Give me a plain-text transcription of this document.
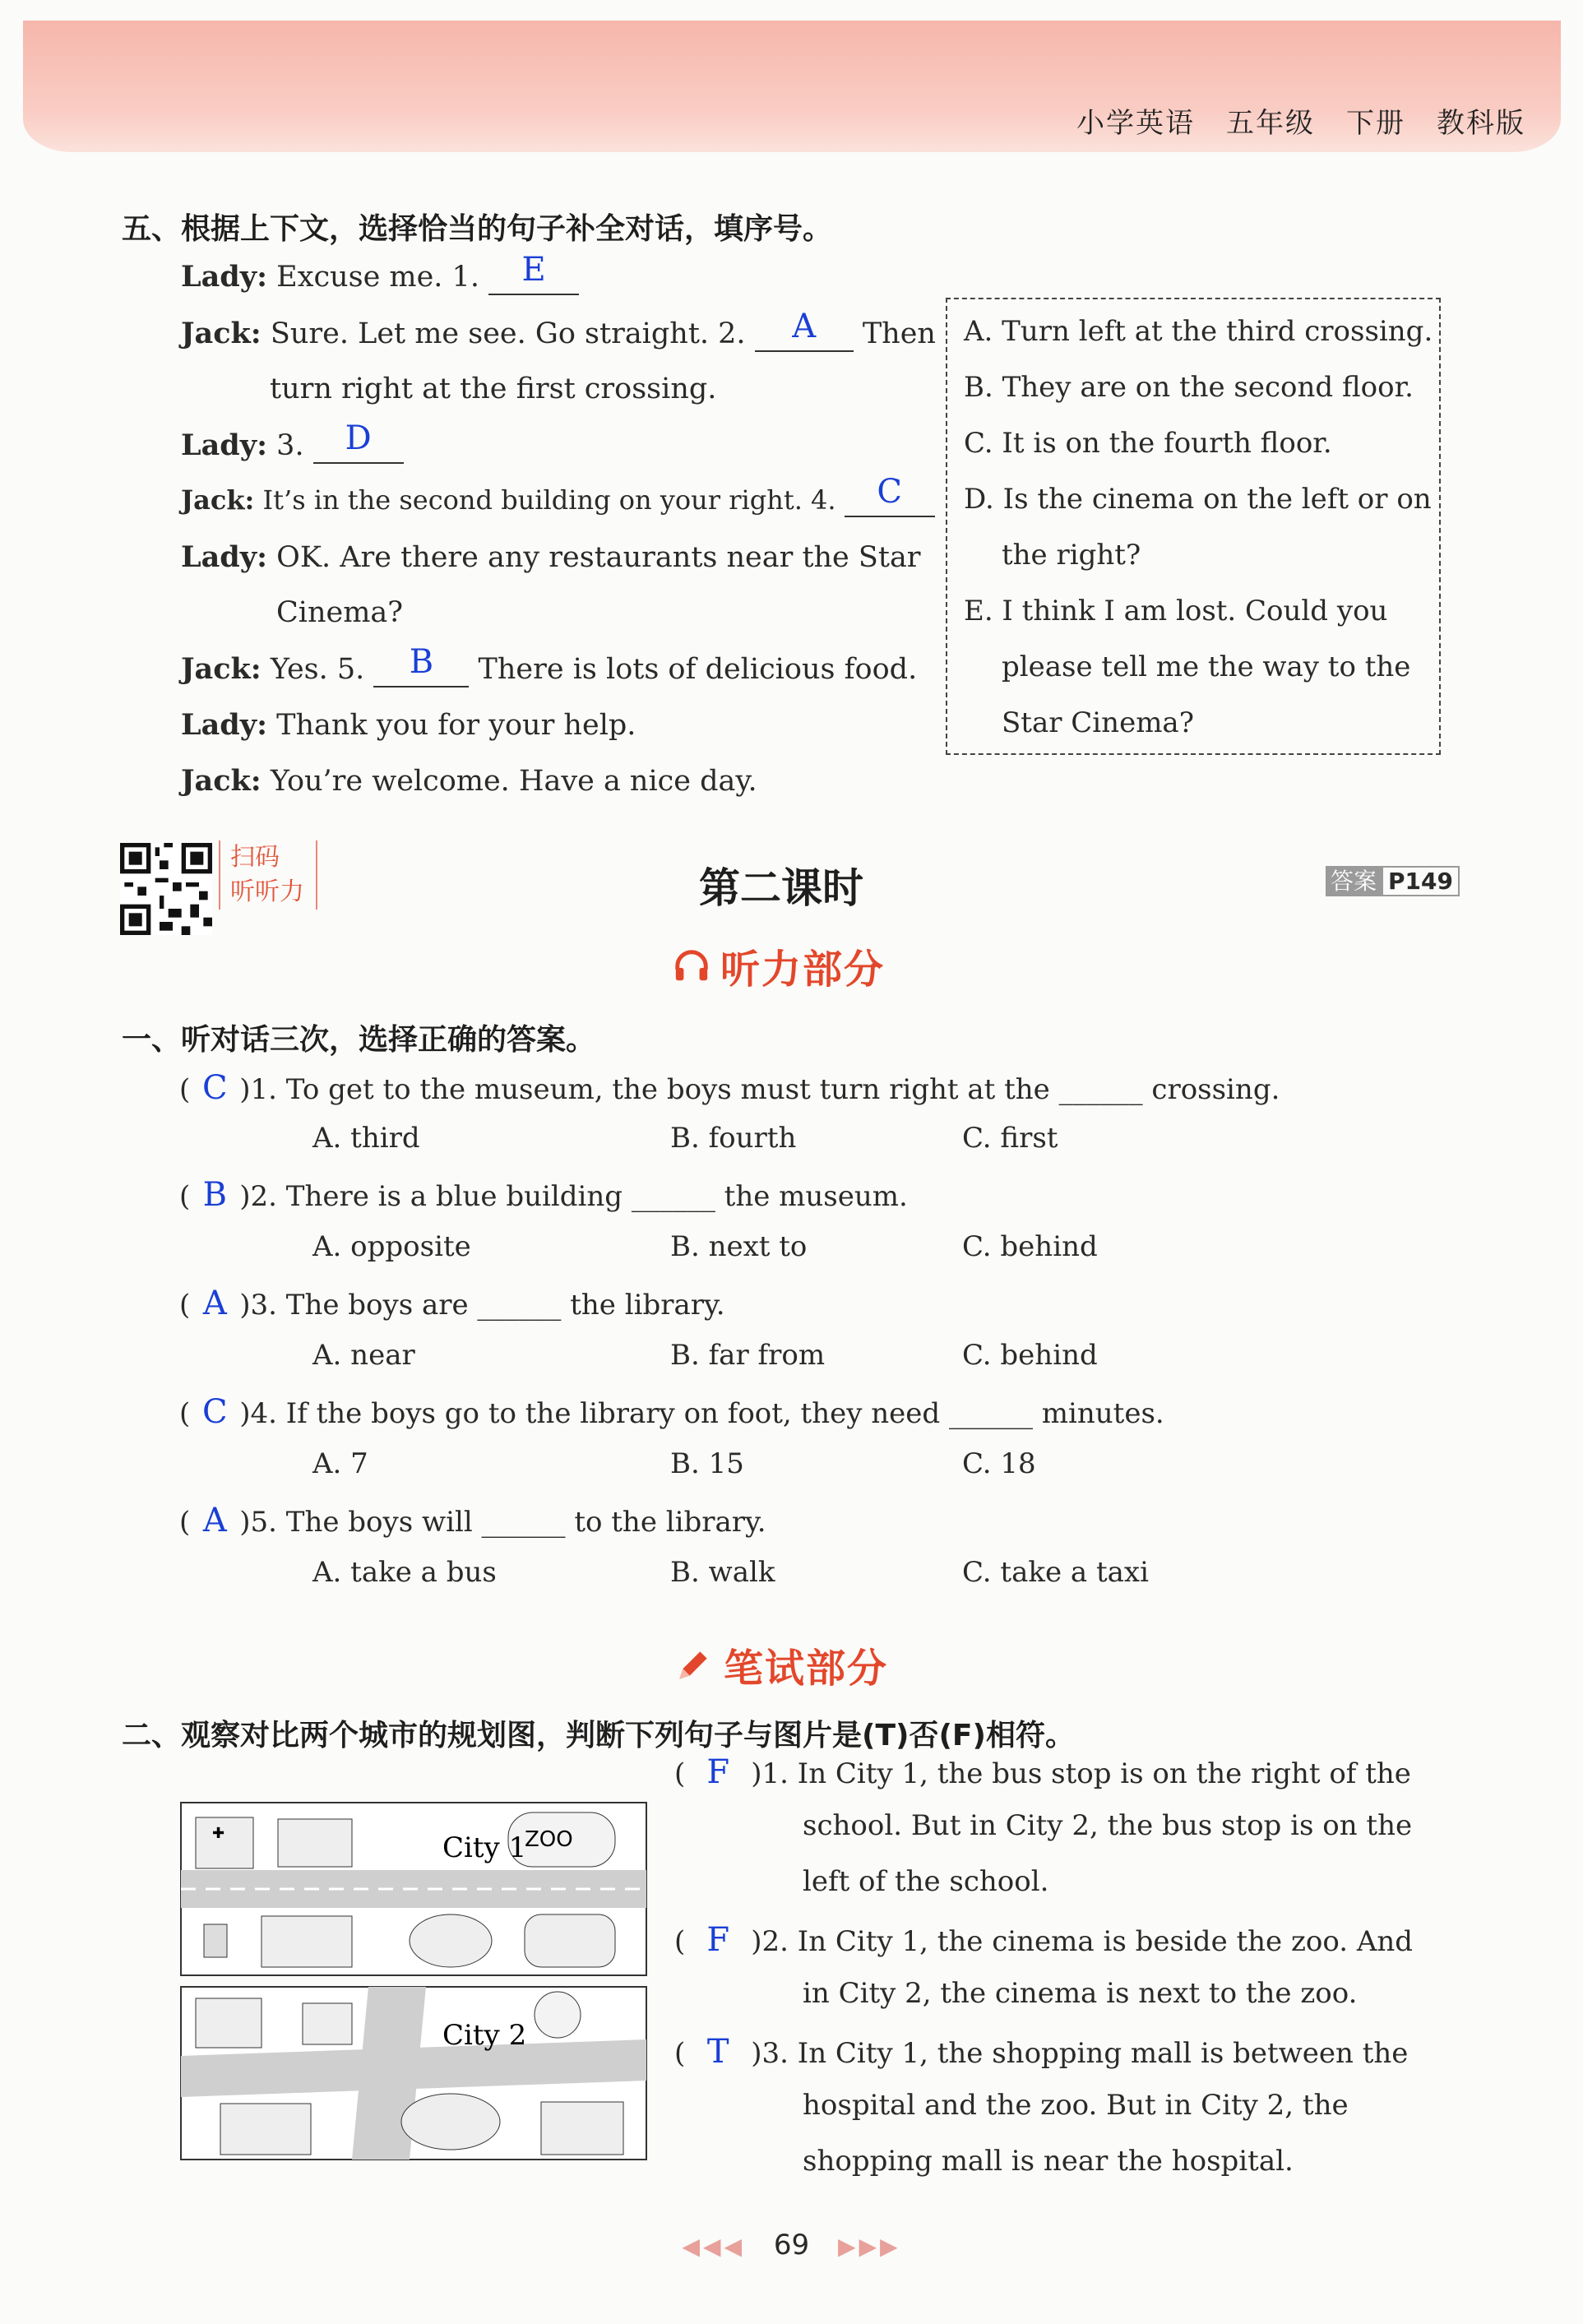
小学英语 五年级 下册 教科版
五、根据上下文，选择恰当的句子补全对话，填序号。
Lady: Excuse me. 1.	E

Jack: Sure. Let me see. Go straight. 2.	A	Then
turn right at the first crossing.
Lady: 3.	D

Jack: It’s in the second building on your right. 4.	C

Lady: OK. Are there any restaurants near the Star
Cinema?
Jack: Yes. 5.	B	There is lots of delicious food.
Lady: Thank you for your help.
Jack: You’re welcome. Have a nice day.
A. Turn left at the third crossing.
B. They are on the second floor.
C. It is on the fourth floor.
D. Is the cinema on the left or on
the right?
E. I think I am lost. Could you
please tell me the way to the
Star Cinema?
扫码
听听力	第二课时	答案 P149
听力部分
一、听对话三次，选择正确的答案。
( C )1. To get to the museum, the boys must turn right at the ______ crossing.
A. third	B. fourth	C. first
( B )2. There is a blue building ______ the museum.
A. opposite	B. next to	C. behind
( A )3. The boys are ______ the library.
A. near	B. far from	C. behind
( C )4. If the boys go to the library on foot, they need ______ minutes.
A. 7	B. 15	C. 18
( A )5. The boys will ______ to the library.
A. take a bus	B. walk	C. take a taxi
笔试部分
二、观察对比两个城市的规划图，判断下列句子与图片是(T)否(F)相符。
✚	ZOO
City 1
City 2
( F )1. In City 1, the bus stop is on the right of the
school. But in City 2, the bus stop is on the
left of the school.
( F )2. In City 1, the cinema is beside the zoo. And
in City 2, the cinema is next to the zoo.
( T )3. In City 1, the shopping mall is between the
hospital and the zoo. But in City 2, the
shopping mall is near the hospital.
◀◀◀ 69 ▶▶▶
